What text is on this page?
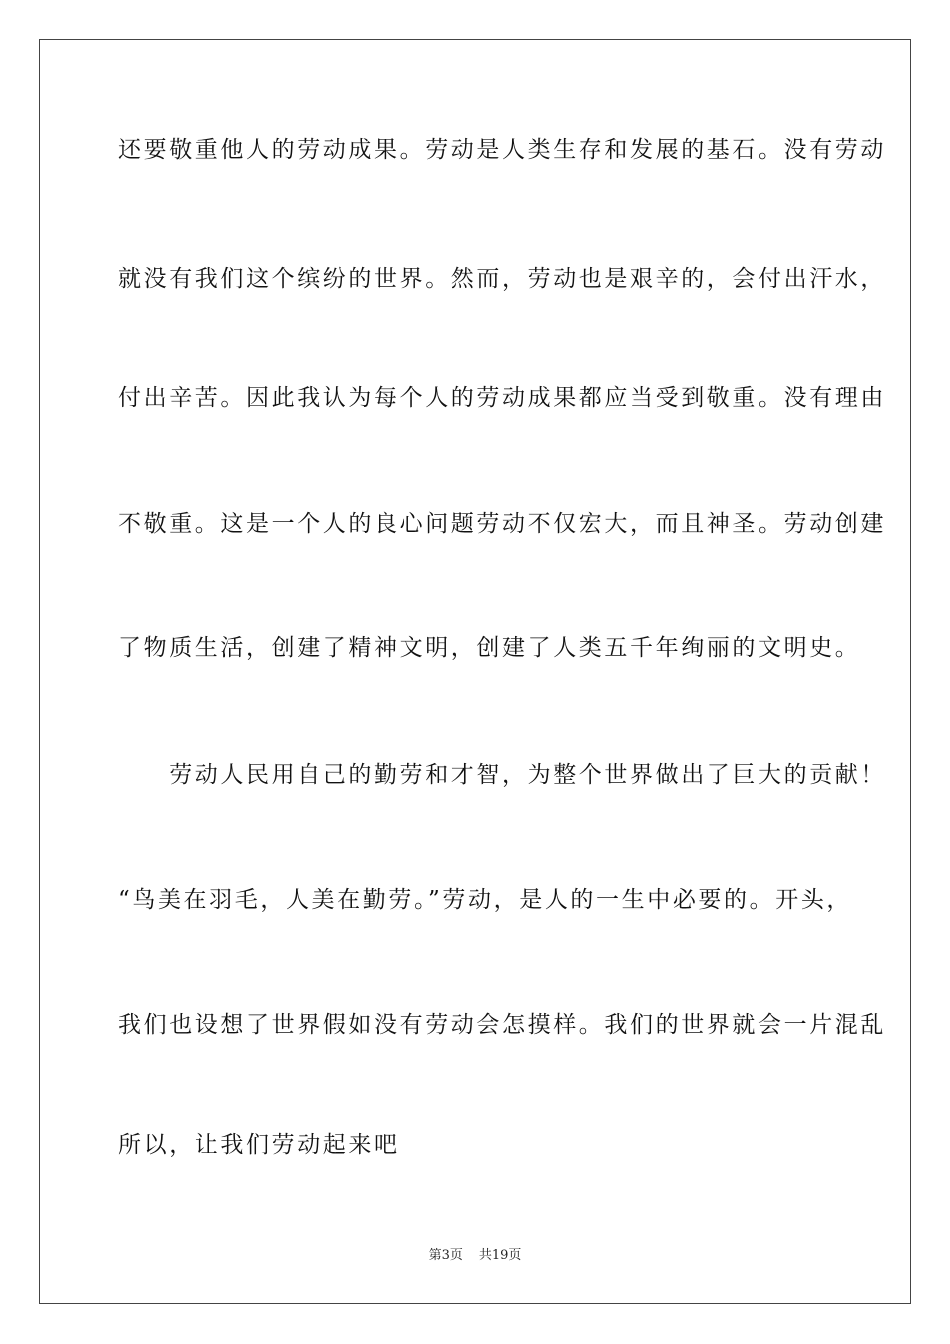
还要敬重他人的劳动成果。劳动是人类生存和发展的基石。没有劳动
就没有我们这个缤纷的世界。然而，劳动也是艰辛的，会付出汗水，
付出辛苦。因此我认为每个人的劳动成果都应当受到敬重。没有理由
不敬重。这是一个人的良心问题劳动不仅宏大，而且神圣。劳动创建
了物质生活，创建了精神文明，创建了人类五千年绚丽的文明史。
　　劳动人民用自己的勤劳和才智，为整个世界做出了巨大的贡献！
“鸟美在羽毛，人美在勤劳。”劳动，是人的一生中必要的。开头，
我们也设想了世界假如没有劳动会怎摸样。我们的世界就会一片混乱
所以，让我们劳动起来吧
第3页 共19页
